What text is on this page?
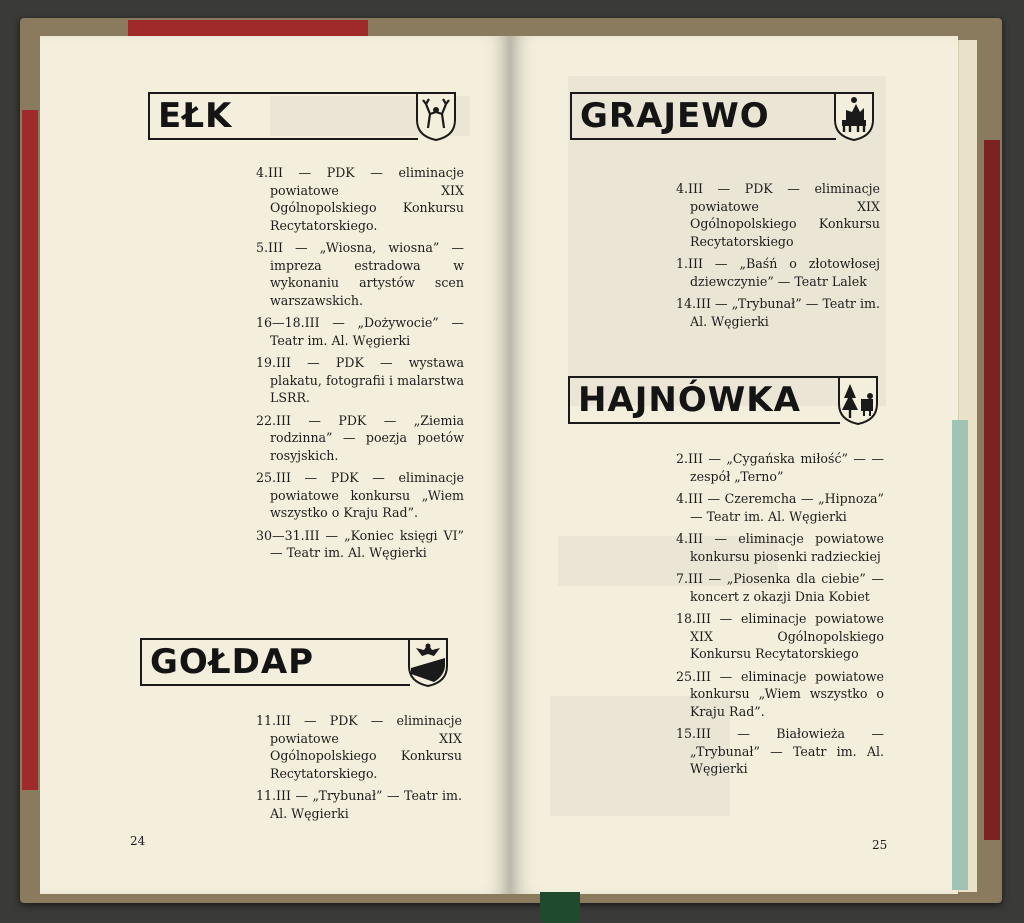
EŁK
4.III — PDK — eliminacje powiatowe XIX Ogólnopolskiego Konkursu Recytatorskiego.
5.III — „Wiosna, wiosna” — impreza estradowa w wykonaniu artystów scen warszawskich.
16—18.III — „Dożywocie” — Teatr im. Al. Węgierki
19.III — PDK — wystawa plakatu, fotografii i malarstwa LSRR.
22.III — PDK — „Ziemia rodzinna” — poezja poetów rosyjskich.
25.III — PDK — eliminacje powiatowe konkursu „Wiem wszystko o Kraju Rad”.
30—31.III — „Koniec księgi VI” — Teatr im. Al. Węgierki
GOŁDAP
11.III — PDK — eliminacje powiatowe XIX Ogólnopolskiego Konkursu Recytatorskiego.
11.III — „Trybunał” — Teatr im. Al. Węgierki
24
GRAJEWO
4.III — PDK — eliminacje powiatowe XIX Ogólnopolskiego Konkursu Recytatorskiego
1.III — „Baśń o złotowłosej dziewczynie” — Teatr Lalek
14.III — „Trybunał” — Teatr im. Al. Węgierki
HAJNÓWKA
2.III — „Cygańska miłość” — — zespół „Terno”
4.III — Czeremcha — „Hipnoza” — Teatr im. Al. Węgierki
4.III — eliminacje powiatowe konkursu piosenki radzieckiej
7.III — „Piosenka dla ciebie” — koncert z okazji Dnia Kobiet
18.III — eliminacje powiatowe XIX Ogólnopolskiego Konkursu Recytatorskiego
25.III — eliminacje powiatowe konkursu „Wiem wszystko o Kraju Rad”.
15.III — Białowieża — „Trybunał” — Teatr im. Al. Węgierki
25
